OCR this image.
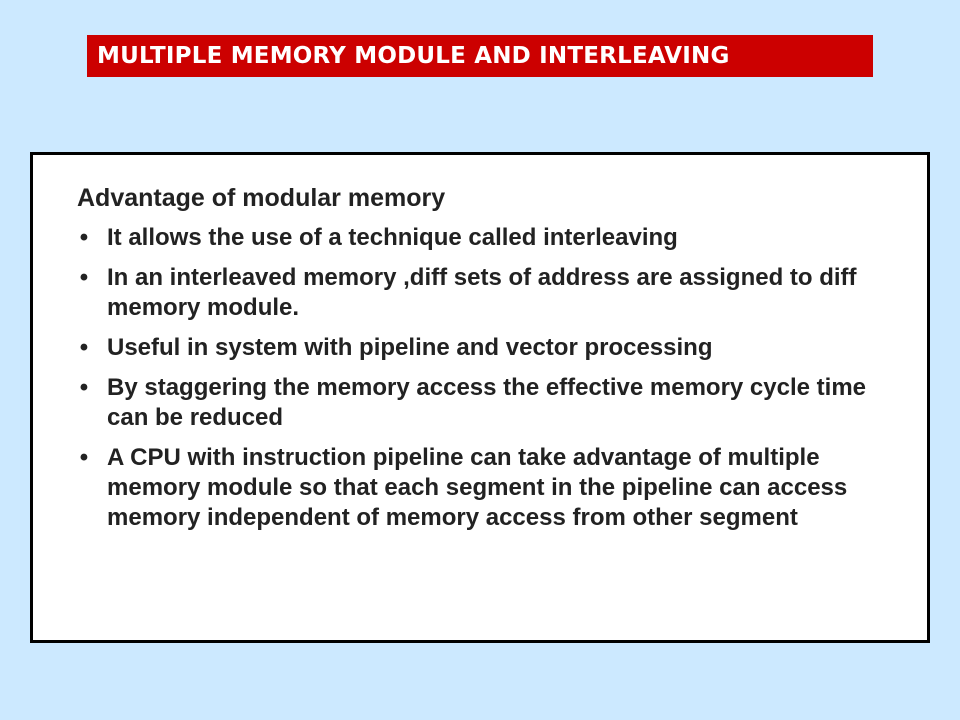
MULTIPLE MEMORY MODULE AND INTERLEAVING
Advantage of modular memory
• It allows the use of a technique called interleaving
• In an interleaved memory ,diff sets of address are assigned to diff memory module.
• Useful in system with pipeline and vector processing
• By staggering the memory access the effective memory cycle time can be reduced
• A CPU with instruction pipeline can take advantage of multiple memory module so that each segment in the pipeline can access memory independent of memory access from other segment
